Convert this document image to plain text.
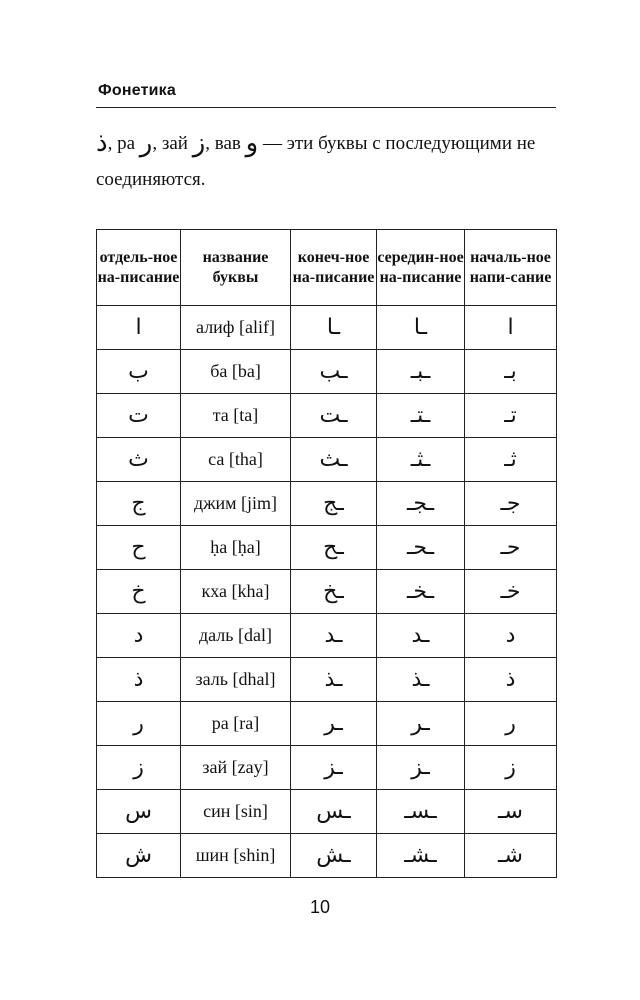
Фонетика

ذ, ра ر, зай ز, вав و — эти буквы с последующими не соединяются.

отдель-ное на-писание	название буквы	конеч-ное на-писание	середин-ное на-писание	началь-ное напи-сание
ا	алиф [alif]	ـا	ـا	ا
ب	ба [ba]	ـب	ـبـ	بـ
ت	та [ta]	ـت	ـتـ	تـ
ث	са [tha]	ـث	ـثـ	ثـ
ج	джим [jim]	ـج	ـجـ	جـ
ح	ḥa [ḥa]	ـح	ـحـ	حـ
خ	кха [kha]	ـخ	ـخـ	خـ
د	даль [dal]	ـد	ـد	د
ذ	заль [dhal]	ـذ	ـذ	ذ
ر	ра [ra]	ـر	ـر	ر
ز	зай [zay]	ـز	ـز	ز
س	син [sin]	ـس	ـسـ	سـ
ش	шин [shin]	ـش	ـشـ	شـ
10
